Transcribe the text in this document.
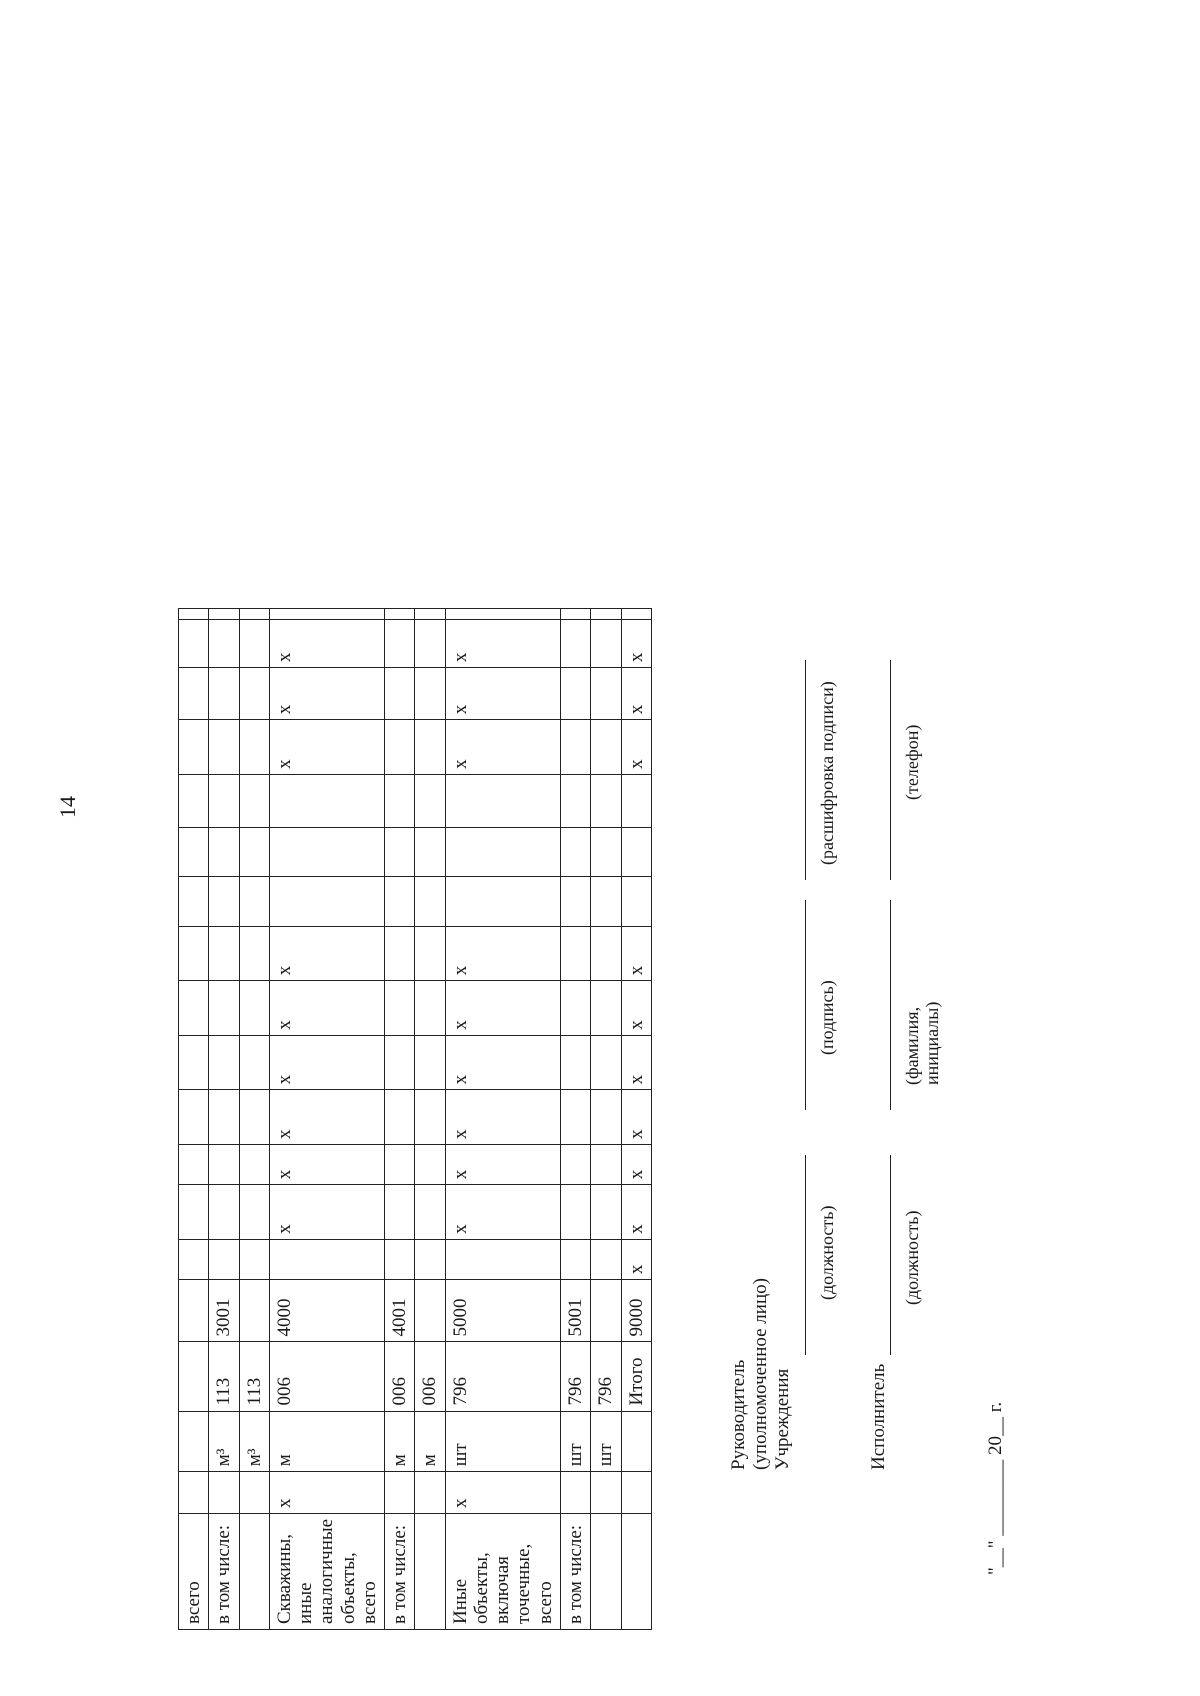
14
всего																		
в том числе:		м³	113	3001														
		м³	113															
Скважины, иные аналогичные объекты, всего	х	м	006	4000		х	х	х	х	х	х				х	х	х	
в том числе:		м	006	4001														
		м	006															
Иные объекты, включая точечные, всего	х	шт	796	5000		х	х	х	х	х	х				х	х	х	
в том числе:		шт	796	5001														
		шт	796															
			Итого	9000	х	х	х	х	х	х	х				х	х	х	
Руководитель (уполномоченное лицо) Учреждения
(должность)
(подпись)
(расшифровка подписи)
Исполнитель
(должность)
(фамилия, инициалы)
(телефон)
"__" ________ 20__ г.
